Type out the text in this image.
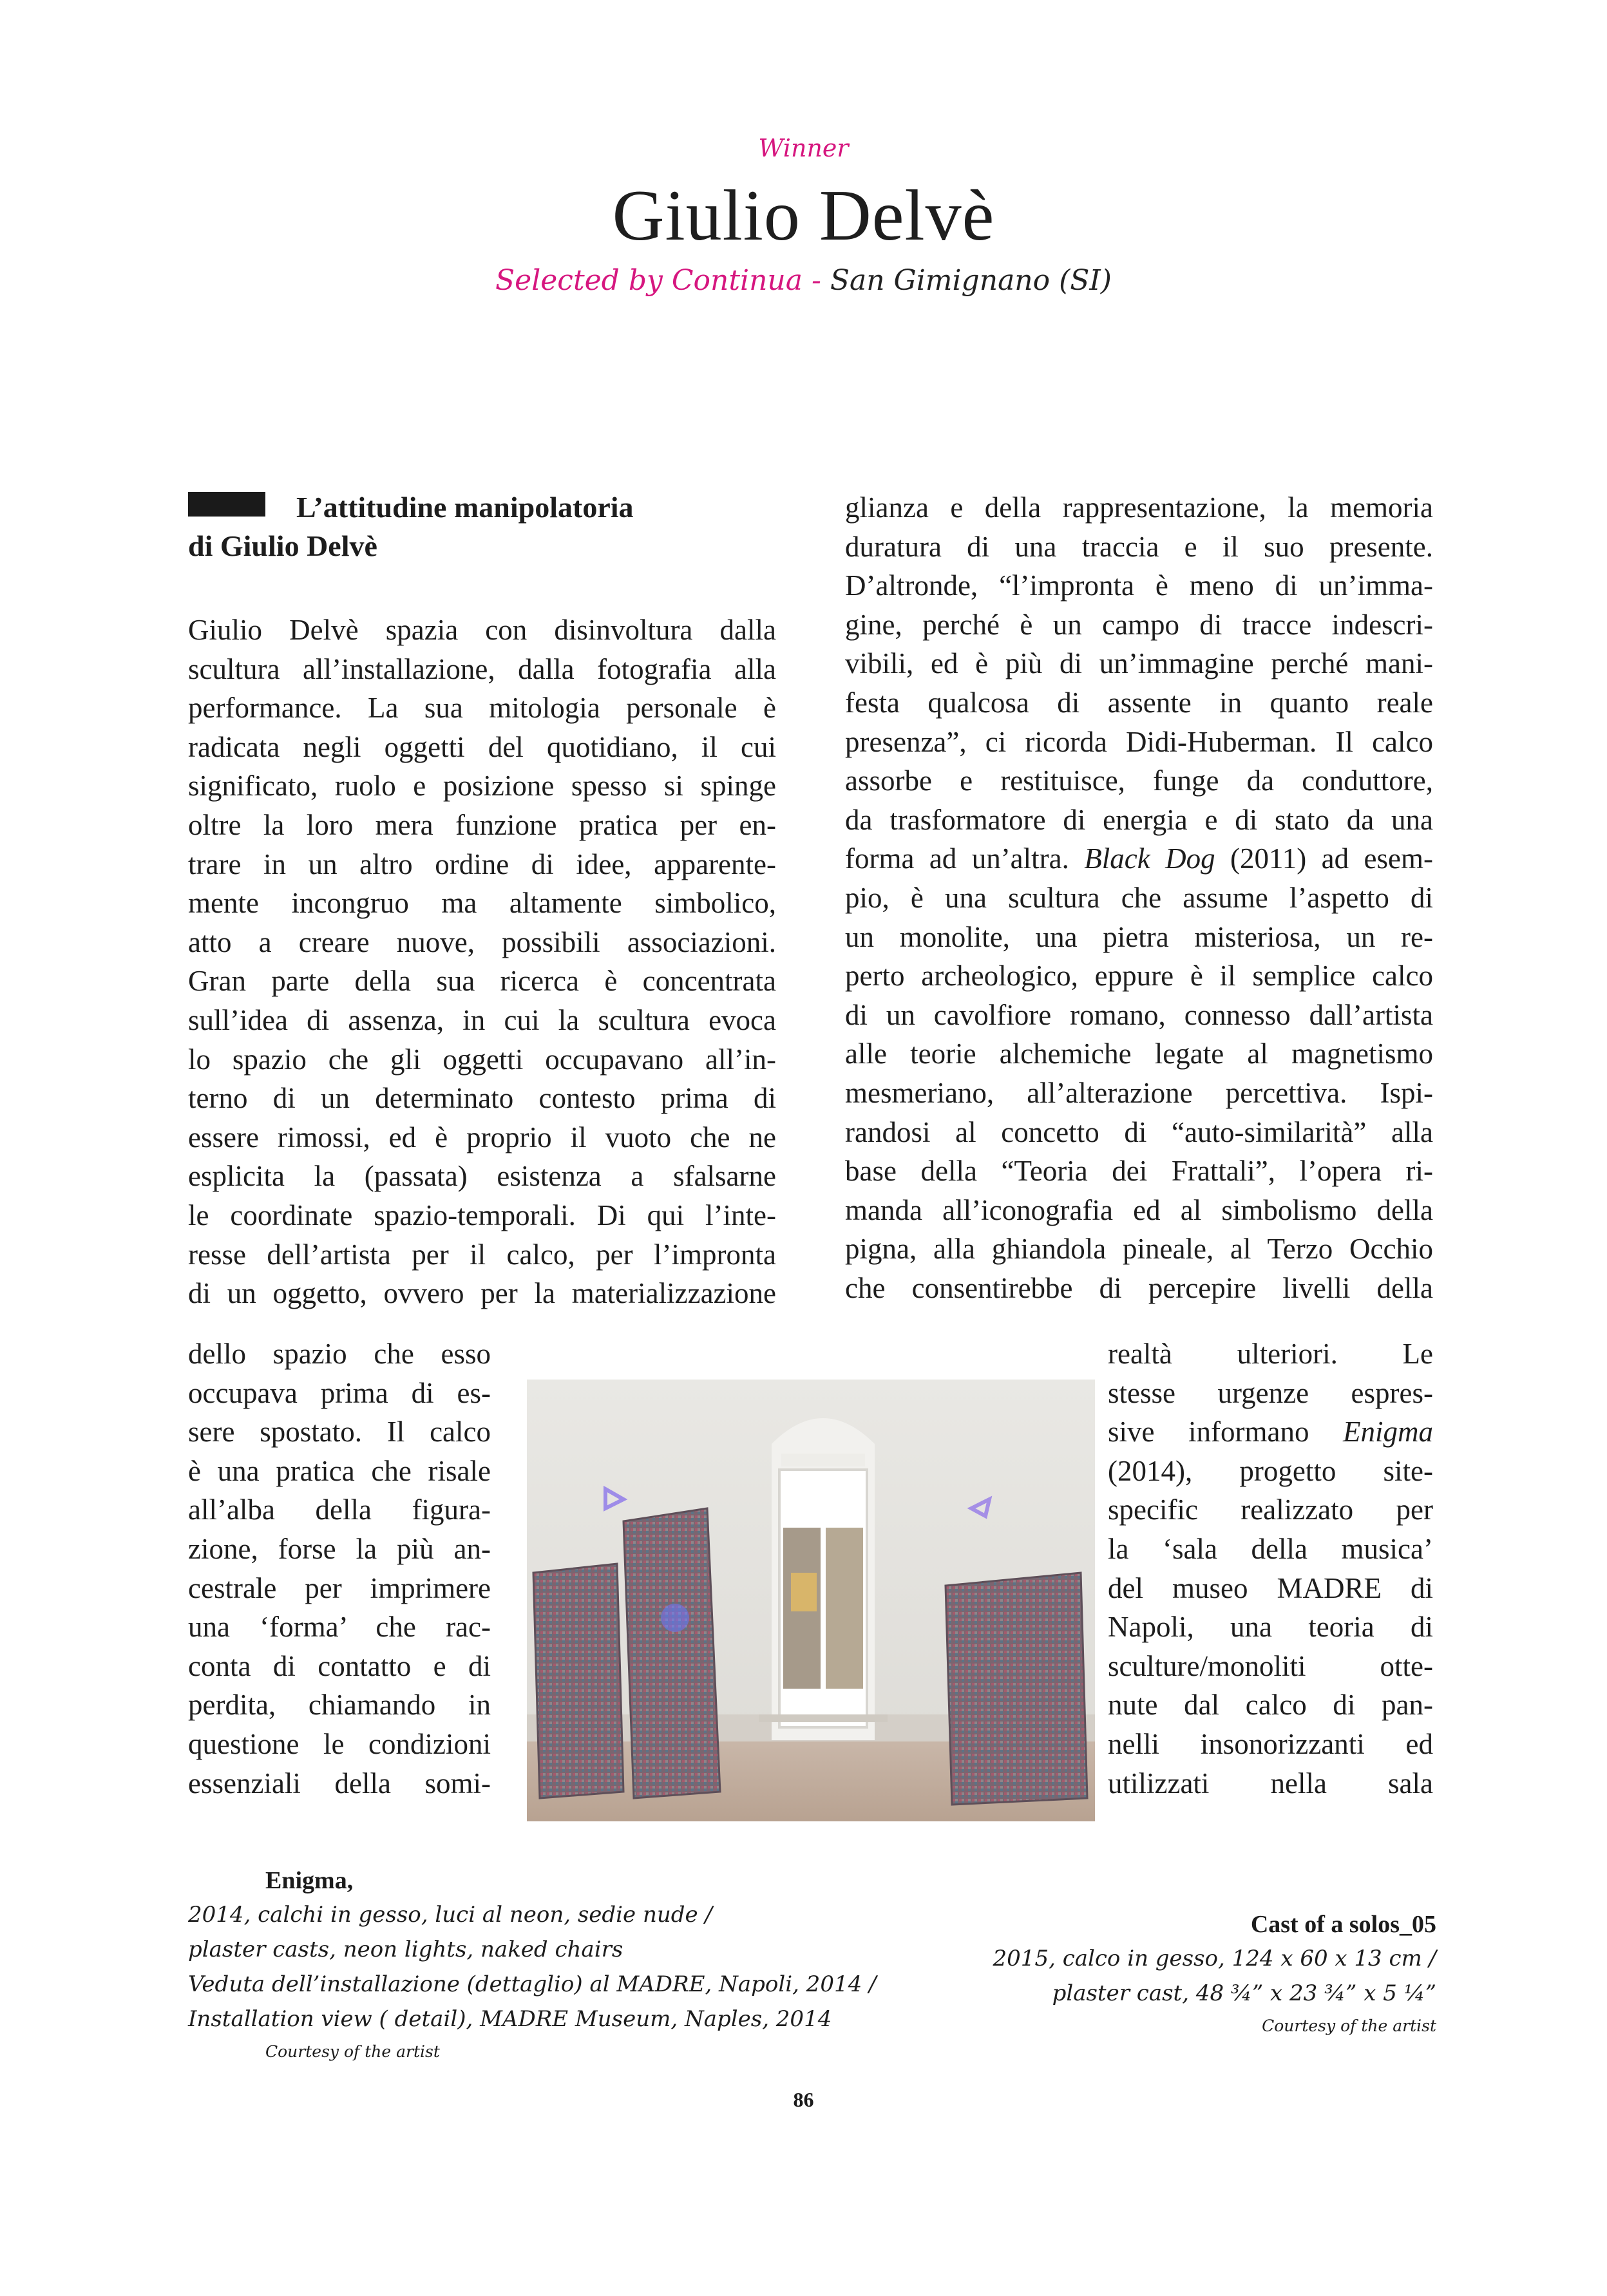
Winner
Giulio Delvè
Selected by Continua - San Gimignano (SI)
L’attitudine manipolatoria
di Giulio Delvè
Giulio Delvè spazia con disinvoltura dalla
scultura all’installazione, dalla fotografia alla
performance. La sua mitologia personale è
radicata negli oggetti del quotidiano, il cui
significato, ruolo e posizione spesso si spinge
oltre la loro mera funzione pratica per en-
trare in un altro ordine di idee, apparente-
mente incongruo ma altamente simbolico,
atto a creare nuove, possibili associazioni.
Gran parte della sua ricerca è concentrata
sull’idea di assenza, in cui la scultura evoca
lo spazio che gli oggetti occupavano all’in-
terno di un determinato contesto prima di
essere rimossi, ed è proprio il vuoto che ne
esplicita la (passata) esistenza a sfalsarne
le coordinate spazio-temporali. Di qui l’inte-
resse dell’artista per il calco, per l’impronta
di un oggetto, ovvero per la materializzazione
dello spazio che esso
occupava prima di es-
sere spostato. Il calco
è una pratica che risale
all’alba della figura-
zione, forse la più an-
cestrale per imprimere
una ‘forma’ che rac-
conta di contatto e di
perdita, chiamando in
questione le condizioni
essenziali della somi-
glianza e della rappresentazione, la memoria
duratura di una traccia e il suo presente.
D’altronde, “l’impronta è meno di un’imma-
gine, perché è un campo di tracce indescri-
vibili, ed è più di un’immagine perché mani-
festa qualcosa di assente in quanto reale
presenza”, ci ricorda Didi-Huberman. Il calco
assorbe e restituisce, funge da conduttore,
da trasformatore di energia e di stato da una
forma ad un’altra. Black Dog (2011) ad esem-
pio, è una scultura che assume l’aspetto di
un monolite, una pietra misteriosa, un re-
perto archeologico, eppure è il semplice calco
di un cavolfiore romano, connesso dall’artista
alle teorie alchemiche legate al magnetismo
mesmeriano, all’alterazione percettiva. Ispi-
randosi al concetto di “auto-similarità” alla
base della “Teoria dei Frattali”, l’opera ri-
manda all’iconografia ed al simbolismo della
pigna, alla ghiandola pineale, al Terzo Occhio
che consentirebbe di percepire livelli della
realtà ulteriori. Le
stesse urgenze espres-
sive informano Enigma
(2014), progetto site-
specific realizzato per
la ‘sala della musica’
del museo MADRE di
Napoli, una teoria di
sculture/monoliti otte-
nute dal calco di pan-
nelli insonorizzanti ed
utilizzati nella sala
Enigma,
2014, calchi in gesso, luci al neon, sedie nude /
plaster casts, neon lights, naked chairs
Veduta dell’installazione (dettaglio) al MADRE, Napoli, 2014 /
Installation view ( detail), MADRE Museum, Naples, 2014
Courtesy of the artist
Cast of a solos_05
2015, calco in gesso, 124 x 60 x 13 cm /
plaster cast, 48 ¾” x 23 ¾” x 5 ¼”
Courtesy of the artist
86
